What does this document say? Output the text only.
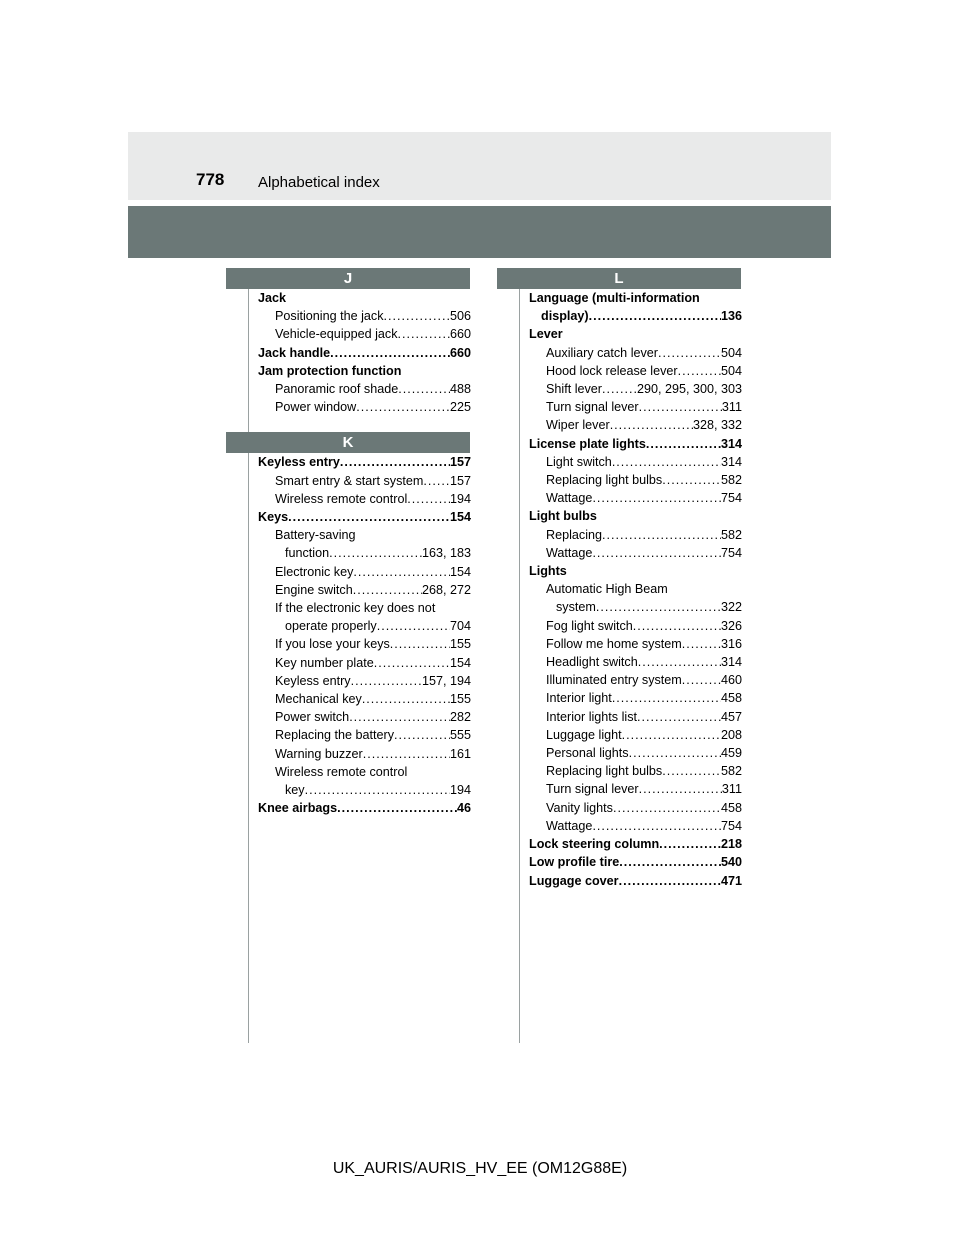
778 Alphabetical index
J
Jack
Positioning the jack .....	506
Vehicle-equipped jack .....	660
Jack handle .....	660
Jam protection function
Panoramic roof shade .....	488
Power window .....	225
K
Keyless entry .....	157
Smart entry & start system ..... 157
Wireless remote control .....	194
Keys .....	154
Battery-saving
function .....	163, 183
Electronic key .....	154
Engine switch .....	268, 272
If the electronic key does not
operate properly .....	704
If you lose your keys .....	155
Key number plate .....	154
Keyless entry .....	157, 194
Mechanical key .....	155
Power switch .....	282
Replacing the battery .....	555
Warning buzzer .....	161
Wireless remote control
key .....	194
Knee airbags .....	46
L
Language (multi-information
display) .....	136
Lever
Auxiliary catch lever .....	504
Hood lock release lever .....	504
Shift lever .....	290, 295, 300, 303
Turn signal lever .....	311
Wiper lever .....	328, 332
License plate lights .....	314
Light switch .....	314
Replacing light bulbs .....	582
Wattage .....	754
Light bulbs
Replacing .....	582
Wattage .....	754
Lights
Automatic High Beam
system .....	322
Fog light switch .....	326
Follow me home system .....	316
Headlight switch .....	314
Illuminated entry system .....	460
Interior light .....	458
Interior lights list .....	457
Luggage light .....	208
Personal lights .....	459
Replacing light bulbs .....	582
Turn signal lever .....	311
Vanity lights .....	458
Wattage .....	754
Lock steering column .....	218
Low profile tire .....	540
Luggage cover .....	471
UK_AURIS/AURIS_HV_EE (OM12G88E)
